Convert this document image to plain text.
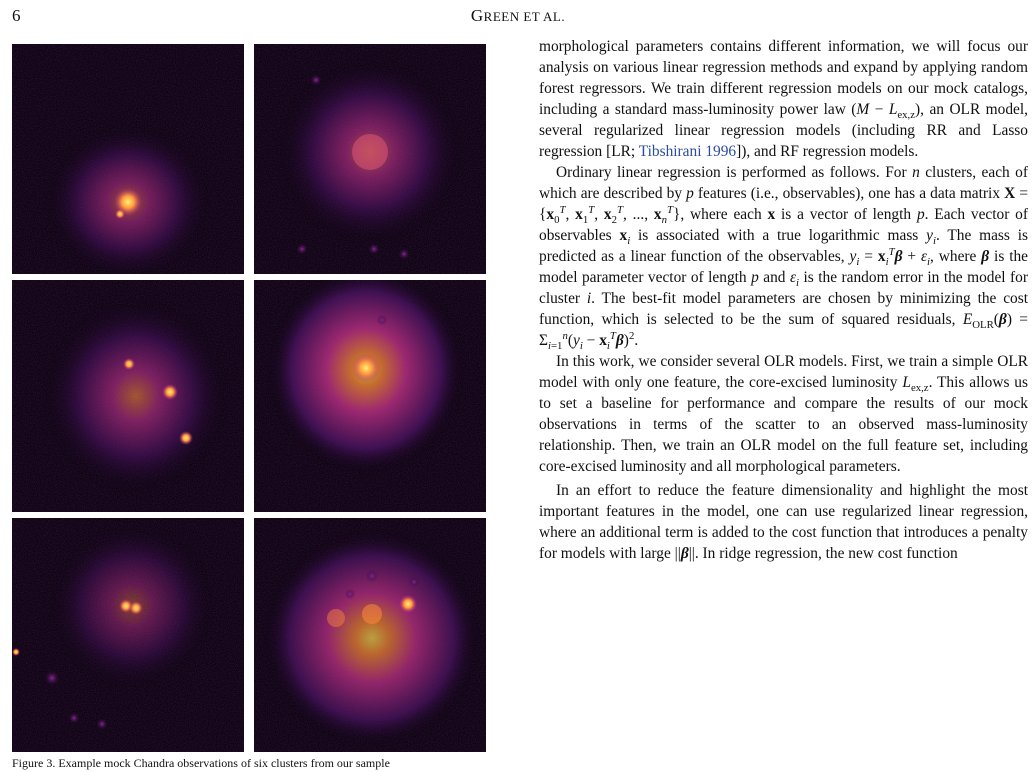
6	GREEN ET AL.
Figure 3. Example mock Chandra observations of six clusters from our sample

morphological parameters contains different information, we will focus our analysis on various linear regression methods and expand by applying random forest regressors. We train different regression models on our mock catalogs, including a standard mass-luminosity power law $(M - L_{ex,z})$, an OLR model, several regularized linear regression models (including RR and Lasso regression [LR; Tibshirani 1996]), and RF regression models.

Ordinary linear regression is performed as follows. For n clusters, each of which are described by p features (i.e., observables), one has a data matrix $X = \{x_0^T$, $x_1^T$, $x_2^T$, ..., $x_n^T$}, where each x is a vector of length p. Each vector of observables $x_i$ is associated with a true logarithmic mass $y_i$. The mass is predicted as a linear function of the observables, $y_i = x_i^T\beta + \varepsilon_i$, where β is the model parameter vector of length p and $\varepsilon_i$ is the random error in the model for cluster i. The best-fit model parameters are chosen by minimizing the cost function, which is selected to be the sum of squared residuals, $E_{OLR}(\beta) = \Sigma_{i=1}^n(y_i - x_i^T\beta)^2$.

In this work, we consider several OLR models. First, we train a simple OLR model with only one feature, the core-excised luminosity $L_{ex,z}$. This allows us to set a baseline for performance and compare the results of our mock observations in terms of the scatter to an observed mass-luminosity relationship. Then, we train an OLR model on the full feature set, including core-excised luminosity and all morphological parameters.

In an effort to reduce the feature dimensionality and highlight the most important features in the model, one can use regularized linear regression, where an additional term is added to the cost function that introduces a penalty for models with large ||β||. In ridge regression, the new cost function
